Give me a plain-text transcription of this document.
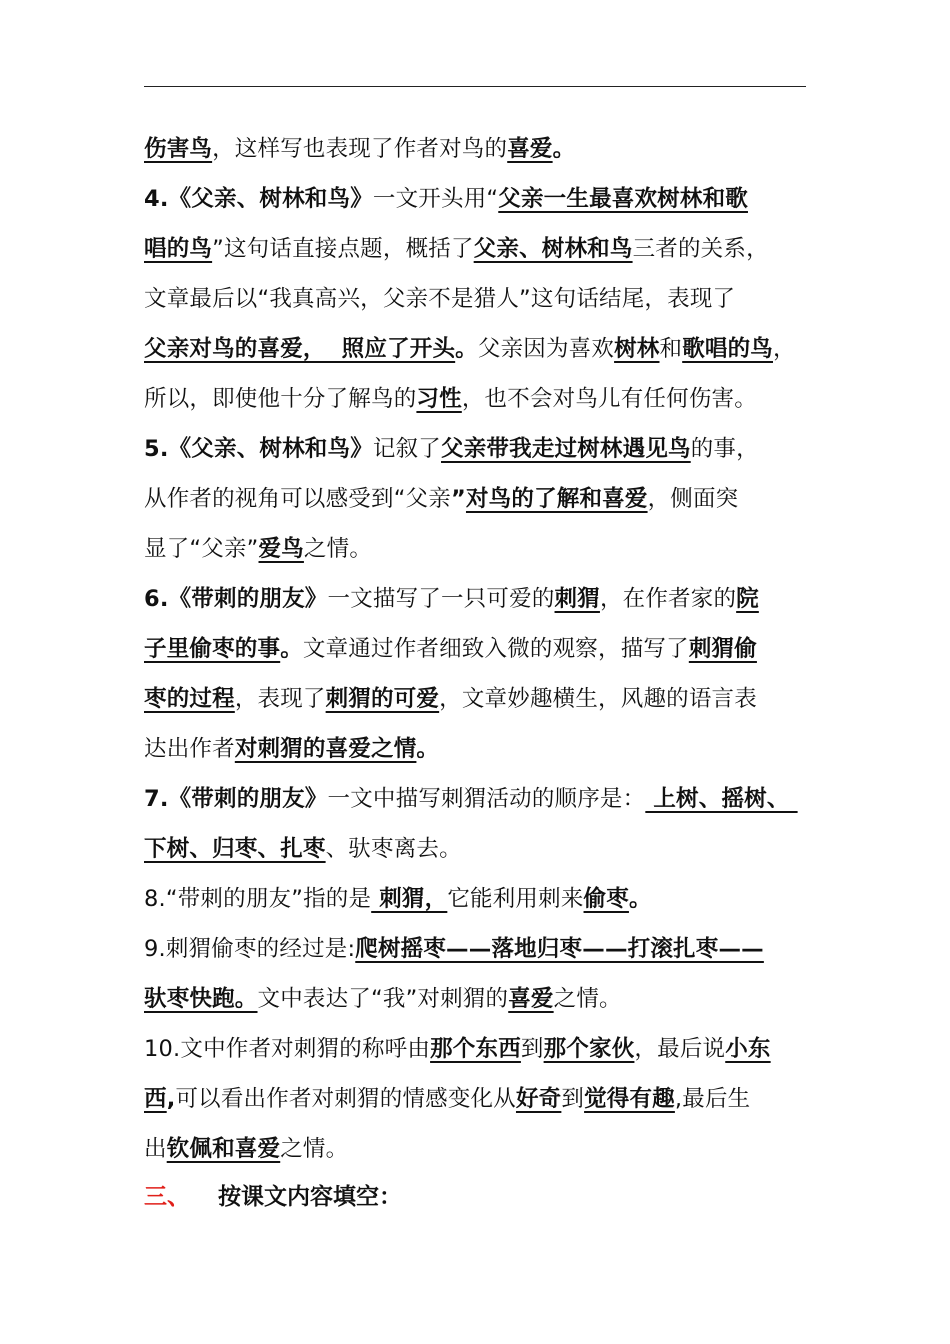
伤害鸟，这样写也表现了作者对鸟的喜爱。
4.《父亲、树林和鸟》一文开头用“父亲一生最喜欢树林和歌
唱的鸟”这句话直接点题，概括了父亲、树林和鸟三者的关系，
文章最后以“我真高兴，父亲不是猎人”这句话结尾，表现了
父亲对鸟的喜爱，  照应了开头。父亲因为喜欢树林和歌唱的鸟，
所以，即使他十分了解鸟的习性，也不会对鸟儿有任何伤害。
5.《父亲、树林和鸟》记叙了父亲带我走过树林遇见鸟的事，
从作者的视角可以感受到“父亲”对鸟的了解和喜爱，侧面突
显了“父亲”爱鸟之情。
6.《带刺的朋友》一文描写了一只可爱的刺猬，在作者家的院
子里偷枣的事。文章通过作者细致入微的观察，描写了刺猬偷
枣的过程，表现了刺猬的可爱，文章妙趣横生，风趣的语言表
达出作者对刺猬的喜爱之情。
7.《带刺的朋友》一文中描写刺猬活动的顺序是： 上树、摇树、
下树、归枣、扎枣、驮枣离去。
8.“带刺的朋友”指的是 刺猬，它能利用刺来偷枣。
9.刺猬偷枣的经过是:爬树摇枣——落地归枣——打滚扎枣——
驮枣快跑。文中表达了“我”对刺猬的喜爱之情。
10.文中作者对刺猬的称呼由那个东西到那个家伙，最后说小东
西,可以看出作者对刺猬的情感变化从好奇到觉得有趣,最后生
出钦佩和喜爱之情。
三、 按课文内容填空：
